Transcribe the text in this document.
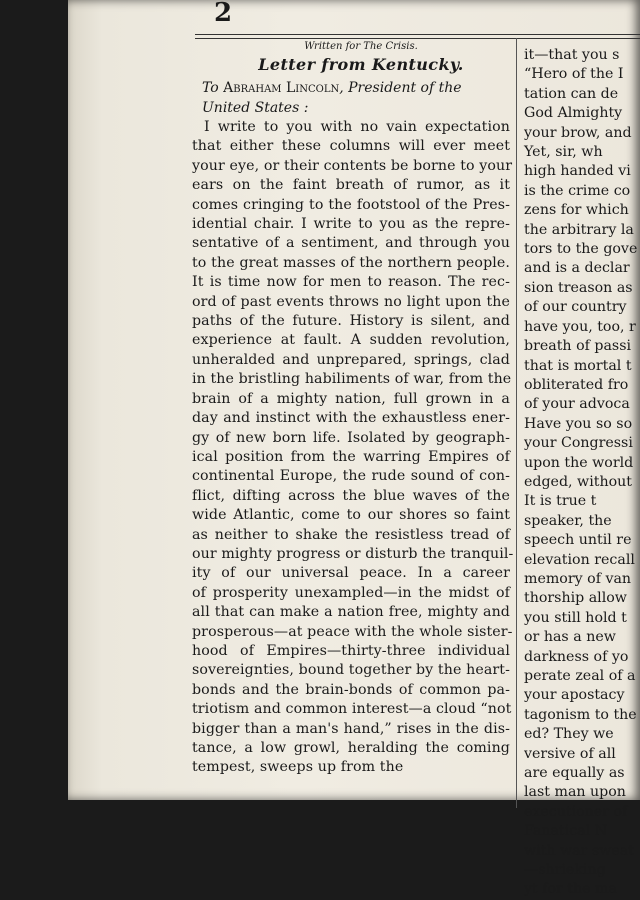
2
Written for The Crisis.
Letter from Kentucky.
To Abraham Lincoln, President of the
United States :
I write to you with no vain expectation
that either these columns will ever meet
your eye, or their contents be borne to your
ears on the faint breath of rumor, as it
comes cringing to the footstool of the Pres-
idential chair. I write to you as the repre-
sentative of a sentiment, and through you
to the great masses of the northern people.
It is time now for men to reason. The rec-
ord of past events throws no light upon the
paths of the future. History is silent, and
experience at fault. A sudden revolution,
unheralded and unprepared, springs, clad
in the bristling habiliments of war, from the
brain of a mighty nation, full grown in a
day and instinct with the exhaustless ener-
gy of new born life. Isolated by geograph-
ical position from the warring Empires of
continental Europe, the rude sound of con-
flict, difting across the blue waves of the
wide Atlantic, come to our shores so faint
as neither to shake the resistless tread of
our mighty progress or disturb the tranquil-
ity of our universal peace. In a career
of prosperity unexampled—in the midst of
all that can make a nation free, mighty and
prosperous—at peace with the whole sister-
hood of Empires—thirty-three individual
sovereignties, bound together by the heart-
bonds and the brain-bonds of common pa-
triotism and common interest—a cloud “not
bigger than a man's hand,” rises in the dis-
tance, a low growl, heralding the coming
tempest, sweeps up from the
it—that you s
“Hero of the I
tation can de
God Almighty
your brow, and
Yet, sir, wh
high handed vi
is the crime co
zens for which
the arbitrary la
tors to the gove
and is a declar
sion treason as
of our country
have you, too, r
breath of passi
that is mortal t
obliterated fro
of your advoca
Have you so so
your Congressi
upon the world
edged, without
It is true t
speaker, the
speech until re
elevation recall
memory of van
thorship allow
you still hold t
or has a new
darkness of yo
perate zeal of a
your apostacy
tagonism to the
ed? They we
versive of all
are equally as
last man upon
executioner of
Fanatical N
with war sweat
—shrieking
yt for the ma
